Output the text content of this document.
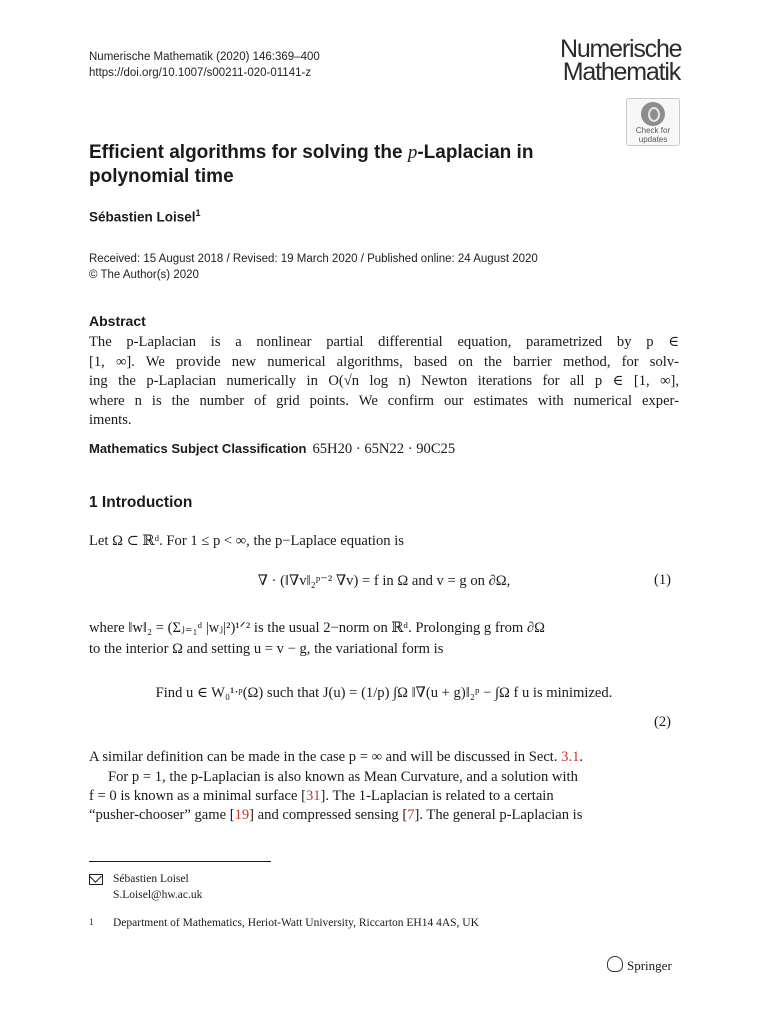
Numerische Mathematik (2020) 146:369–400
https://doi.org/10.1007/s00211-020-01141-z
Numerische
Mathematik
Check for
updates
Efficient algorithms for solving the p-Laplacian in
polynomial time
Sébastien Loisel$^1$
Received: 15 August 2018 / Revised: 19 March 2020 / Published online: 24 August 2020
© The Author(s) 2020
Abstract
The p-Laplacian is a nonlinear partial differential equation, parametrized by p ∈
[1, ∞]. We provide new numerical algorithms, based on the barrier method, for solv-
ing the p-Laplacian numerically in O(√n log n) Newton iterations for all p ∈ [1, ∞],
where n is the number of grid points. We confirm our estimates with numerical exper-
iments.
Mathematics Subject Classification 65H20 · 65N22 · 90C25
1 Introduction
Let Ω ⊂ ℝᵈ. For 1 ≤ p < ∞, the p−Laplace equation is
∇ · (‖∇v‖₂ᵖ⁻² ∇v) = f in Ω and v = g on ∂Ω,	(1)
where ‖w‖₂ = (Σⱼ₌₁ᵈ |wⱼ|²)¹ᐟ² is the usual 2−norm on ℝᵈ. Prolonging g from ∂Ω
to the interior Ω and setting u = v − g, the variational form is
Find u ∈ W₀¹ᐧᵖ(Ω) such that J(u) = (1/p) ∫Ω ‖∇(u + g)‖₂ᵖ − ∫Ω f u is minimized.
(2)
A similar definition can be made in the case p = ∞ and will be discussed in Sect. 3.1.
For p = 1, the p-Laplacian is also known as Mean Curvature, and a solution with
f = 0 is known as a minimal surface [31]. The 1-Laplacian is related to a certain
“pusher-chooser” game [19] and compressed sensing [7]. The general p-Laplacian is
Sébastien Loisel
S.Loisel@hw.ac.uk
1 Department of Mathematics, Heriot-Watt University, Riccarton EH14 4AS, UK
Springer
